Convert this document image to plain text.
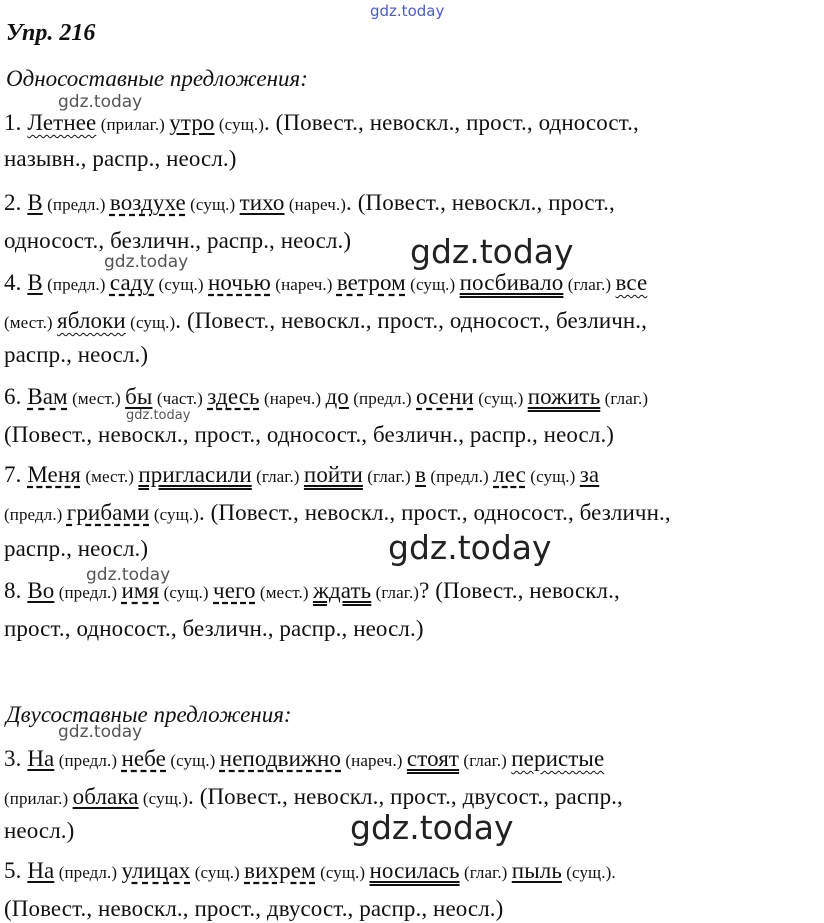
gdz.today
Упр. 216
Односоставные предложения:
gdz.today
1. Летнее (прилаг.) утро (сущ.). (Повест., невоскл., прост., односост.,
назывн., распр., неосл.)
2. В (предл.) воздухе (сущ.) тихо (нареч.). (Повест., невоскл., прост.,
односост., безличн., распр., неосл.)
4. В (предл.) саду (сущ.) ночью (нареч.) ветром (сущ.) посбивало (глаг.) все
(мест.) яблоки (сущ.). (Повест., невоскл., прост., односост., безличн.,
распр., неосл.)
6. Вам (мест.) бы (част.) здесь (нареч.) до (предл.) осени (сущ.) пожить (глаг.)
(Повест., невоскл., прост., односост., безличн., распр., неосл.)
7. Меня (мест.) пригласили (глаг.) пойти (глаг.) в (предл.) лес (сущ.) за
(предл.) грибами (сущ.). (Повест., невоскл., прост., односост., безличн.,
распр., неосл.)
8. Во (предл.) имя (сущ.) чего (мест.) ждать (глаг.)? (Повест., невоскл.,
прост., односост., безличн., распр., неосл.)
3. На (предл.) небе (сущ.) неподвижно (нареч.) стоят (глаг.) перистые
(прилаг.) облака (сущ.). (Повест., невоскл., прост., двусост., распр.,
неосл.)
5. На (предл.) улицах (сущ.) вихрем (сущ.) носилась (глаг.) пыль (сущ.).
(Повест., невоскл., прост., двусост., распр., неосл.)
gdz.today
gdz.today
gdz.today
gdz.today
gdz.today
Двусоставные предложения:
gdz.today
gdz.today
